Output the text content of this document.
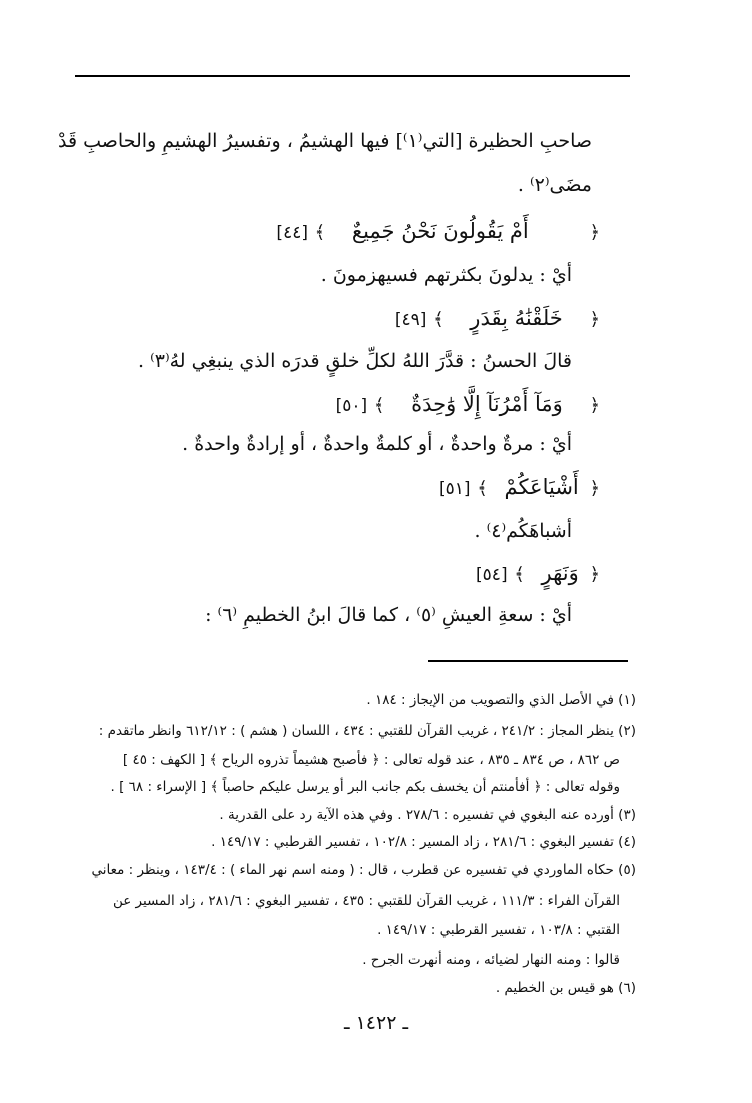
صاحبِ الحظيرة [التي⁽١⁾] فيها الهشيمُ ، وتفسيرُ الهشيمِ والحاصبِ قَدْ
مضَى⁽٢⁾ .
﴿ أَمْ يَقُولُونَ نَحْنُ جَمِيعٌ ﴾ [٤٤]
أيْ : يدلونَ بكثرتهم فسيهزمونَ .
﴿ خَلَقْنَٰهُ بِقَدَرٍ ﴾ [٤٩]
قالَ الحسنُ : قدَّرَ اللهُ لكلِّ خلقٍ قدرَه الذي ينبغِي لهُ⁽٣⁾ .
﴿ وَمَآ أَمْرُنَآ إِلَّا وَٰحِدَةٌ ﴾ [٥٠]
أيْ : مرةٌ واحدةٌ ، أو كلمةٌ واحدةٌ ، أو إرادةٌ واحدةٌ .
﴿ أَشْيَاعَكُمْ ﴾ [٥١]
أشباهَكُم⁽٤⁾ .
﴿ وَنَهَرٍ ﴾ [٥٤]
أيْ : سعةِ العيشِ ⁽٥⁾ ، كما قالَ ابنُ الخطيمِ ⁽٦⁾ :
(١) في الأصل الذي والتصويب من الإيجاز : ١٨٤ .
(٢) ينظر المجاز : ٢٤١/٢ ، غريب القرآن للقتبي : ٤٣٤ ، اللسان ( هشم ) : ٦١٢/١٢ وانظر ماتقدم :
ص ٨٦٢ ، ص ٨٣٤ ـ ٨٣٥ ، عند قوله تعالى : ﴿ فأصبح هشيماً تذروه الرياح ﴾ [ الكهف : ٤٥ ]
وقوله تعالى : ﴿ أفأمنتم أن يخسف بكم جانب البر أو يرسل عليكم حاصباً ﴾ [ الإسراء : ٦٨ ] .
(٣) أورده عنه البغوي في تفسيره : ٢٧٨/٦ . وفي هذه الآية رد على القدرية .
(٤) تفسير البغوي : ٢٨١/٦ ، زاد المسير : ١٠٢/٨ ، تفسير القرطبي : ١٤٩/١٧ .
(٥) حكاه الماوردي في تفسيره عن قطرب ، قال : ( ومنه اسم نهر الماء ) : ١٤٣/٤ ، وينظر : معاني
القرآن الفراء : ١١١/٣ ، غريب القرآن للقتبي : ٤٣٥ ، تفسير البغوي : ٢٨١/٦ ، زاد المسير عن
القتبي : ١٠٣/٨ ، تفسير القرطبي : ١٤٩/١٧ .
قالوا : ومنه النهار لضيائه ، ومنه أنهرت الجرح .
(٦) هو قيس بن الخطيم .
ـ ١٤٢٢ ـ
